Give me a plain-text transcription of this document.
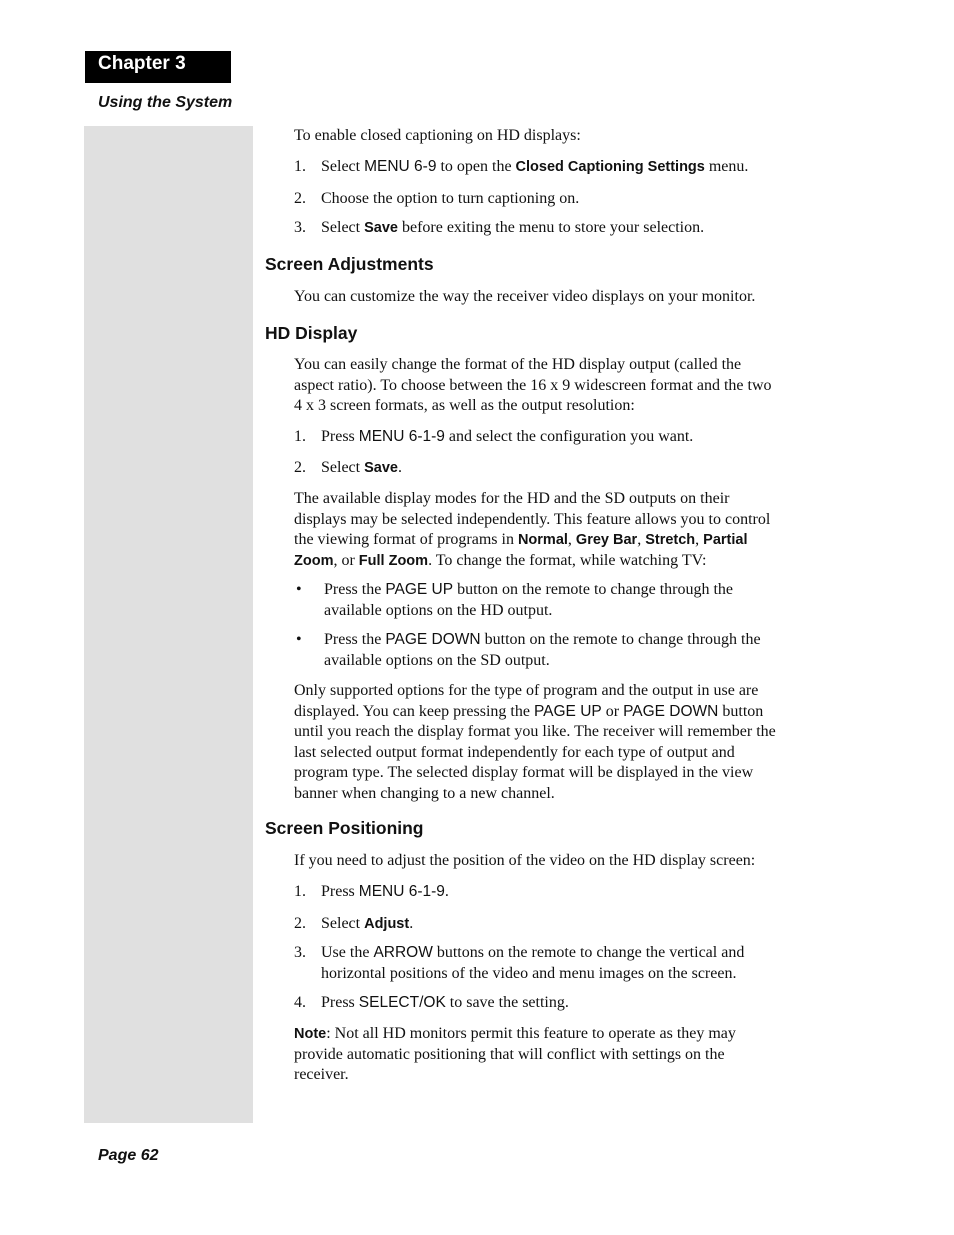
Chapter 3
Using the System
To enable closed captioning on HD displays:
1. Select MENU 6-9 to open the Closed Captioning Settings menu.
2. Choose the option to turn captioning on.
3. Select Save before exiting the menu to store your selection.
Screen Adjustments
You can customize the way the receiver video displays on your monitor.
HD Display
You can easily change the format of the HD display output (called the
aspect ratio). To choose between the 16 x 9 widescreen format and the two
4 x 3 screen formats, as well as the output resolution:
1. Press MENU 6-1-9 and select the configuration you want.
2. Select Save.
The available display modes for the HD and the SD outputs on their
displays may be selected independently. This feature allows you to control
the viewing format of programs in Normal, Grey Bar, Stretch, Partial
Zoom, or Full Zoom. To change the format, while watching TV:
• Press the PAGE UP button on the remote to change through the
available options on the HD output.
• Press the PAGE DOWN button on the remote to change through the
available options on the SD output.
Only supported options for the type of program and the output in use are
displayed. You can keep pressing the PAGE UP or PAGE DOWN button
until you reach the display format you like. The receiver will remember the
last selected output format independently for each type of output and
program type. The selected display format will be displayed in the view
banner when changing to a new channel.
Screen Positioning
If you need to adjust the position of the video on the HD display screen:
1. Press MENU 6-1-9.
2. Select Adjust.
3. Use the ARROW buttons on the remote to change the vertical and
horizontal positions of the video and menu images on the screen.
4. Press SELECT/OK to save the setting.
Note: Not all HD monitors permit this feature to operate as they may
provide automatic positioning that will conflict with settings on the
receiver.
Page 62
